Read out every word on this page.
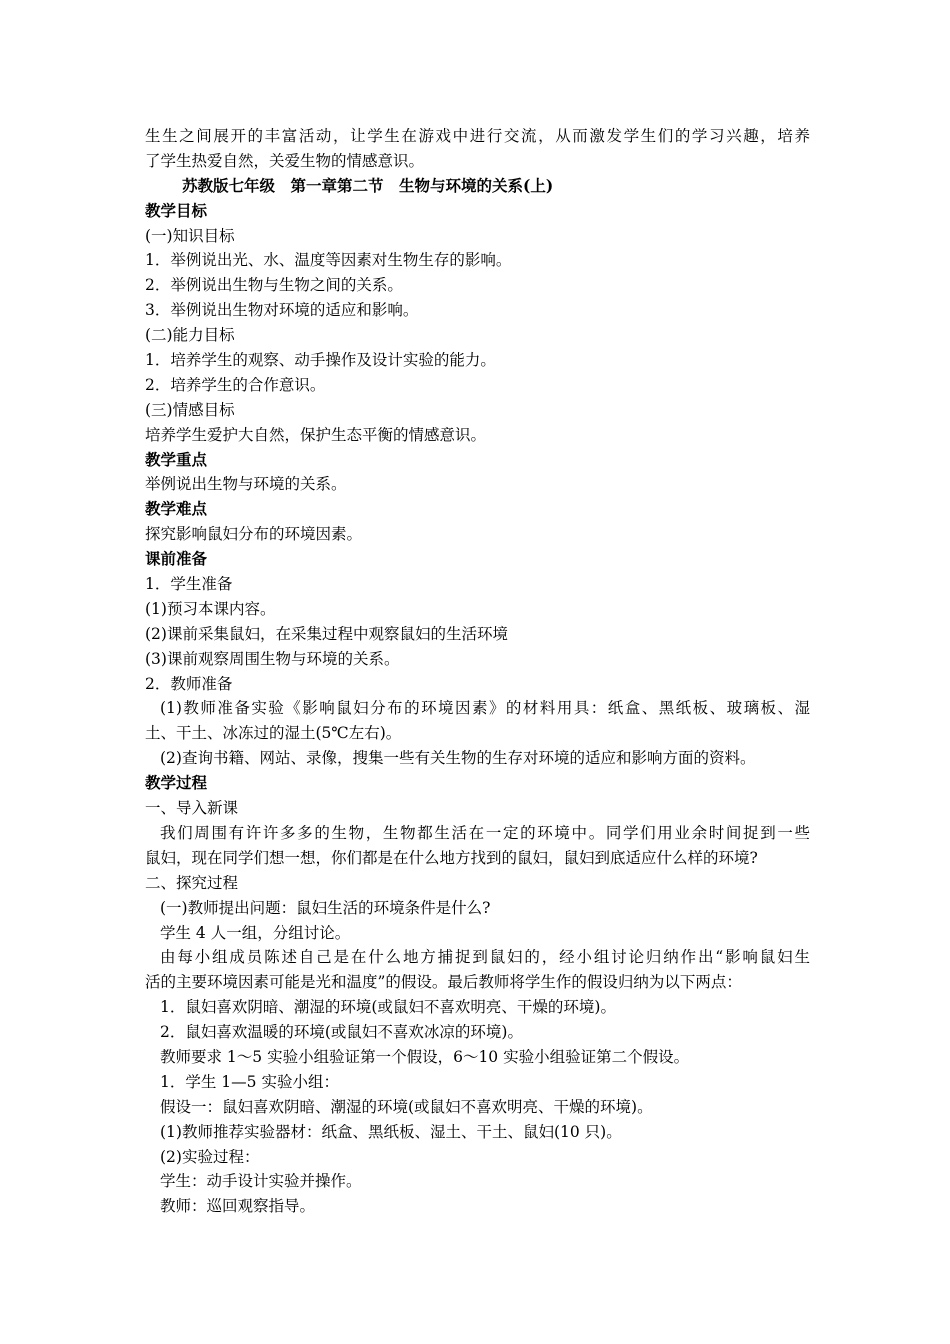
生生之间展开的丰富活动，让学生在游戏中进行交流，从而激发学生们的学习兴趣，培养
了学生热爱自然，关爱生物的情感意识。
苏教版七年级　第一章第二节　生物与环境的关系(上)
教学目标
(一)知识目标
1．举例说出光、水、温度等因素对生物生存的影响。
2．举例说出生物与生物之间的关系。
3．举例说出生物对环境的适应和影响。
(二)能力目标
1．培养学生的观察、动手操作及设计实验的能力。
2．培养学生的合作意识。
(三)情感目标
培养学生爱护大自然，保护生态平衡的情感意识。
教学重点
举例说出生物与环境的关系。
教学难点
探究影响鼠妇分布的环境因素。
课前准备
1．学生准备
(1)预习本课内容。
(2)课前采集鼠妇，在采集过程中观察鼠妇的生活环境
(3)课前观察周围生物与环境的关系。
2．教师准备
(1)教师准备实验《影响鼠妇分布的环境因素》的材料用具：纸盒、黑纸板、玻璃板、湿
土、干土、冰冻过的湿土(5℃左右)。
(2)查询书籍、网站、录像，搜集一些有关生物的生存对环境的适应和影响方面的资料。
教学过程
一、导入新课
我们周围有许许多多的生物，生物都生活在一定的环境中。同学们用业余时间捉到一些
鼠妇，现在同学们想一想，你们都是在什么地方找到的鼠妇，鼠妇到底适应什么样的环境?
二、探究过程
(一)教师提出问题：鼠妇生活的环境条件是什么?
学生 4 人一组，分组讨论。
由每小组成员陈述自己是在什么地方捕捉到鼠妇的，经小组讨论归纳作出“影响鼠妇生
活的主要环境因素可能是光和温度”的假设。最后教师将学生作的假设归纳为以下两点：
1．鼠妇喜欢阴暗、潮湿的环境(或鼠妇不喜欢明亮、干燥的环境)。
2．鼠妇喜欢温暖的环境(或鼠妇不喜欢冰凉的环境)。
教师要求 1～5 实验小组验证第一个假设，6～10 实验小组验证第二个假设。
1．学生 1—5 实验小组：
假设一：鼠妇喜欢阴暗、潮湿的环境(或鼠妇不喜欢明亮、干燥的环境)。
(1)教师推荐实验器材：纸盒、黑纸板、湿土、干土、鼠妇(10 只)。
(2)实验过程：
学生：动手设计实验并操作。
教师：巡回观察指导。
